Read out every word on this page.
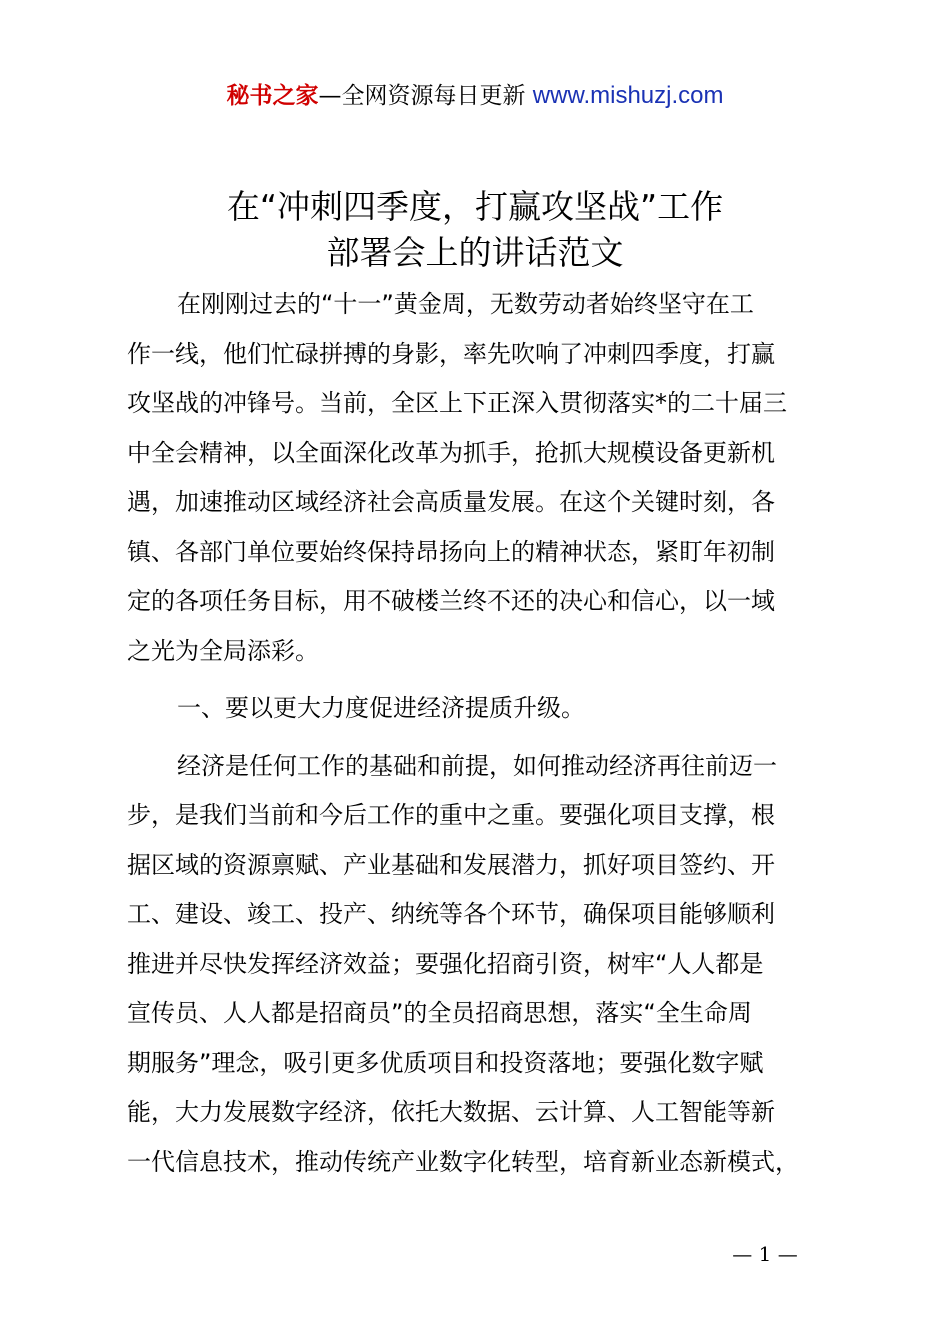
秘书之家—全网资源每日更新 www.mishuzj.com
在“冲刺四季度，打赢攻坚战”工作
部署会上的讲话范文
在刚刚过去的“十一”黄金周，无数劳动者始终坚守在工
作一线，他们忙碌拼搏的身影，率先吹响了冲刺四季度，打赢
攻坚战的冲锋号。当前，全区上下正深入贯彻落实*的二十届三
中全会精神，以全面深化改革为抓手，抢抓大规模设备更新机
遇，加速推动区域经济社会高质量发展。在这个关键时刻，各
镇、各部门单位要始终保持昂扬向上的精神状态，紧盯年初制
定的各项任务目标，用不破楼兰终不还的决心和信心，以一域
之光为全局添彩。
一、要以更大力度促进经济提质升级。
经济是任何工作的基础和前提，如何推动经济再往前迈一
步，是我们当前和今后工作的重中之重。要强化项目支撑，根
据区域的资源禀赋、产业基础和发展潜力，抓好项目签约、开
工、建设、竣工、投产、纳统等各个环节，确保项目能够顺利
推进并尽快发挥经济效益；要强化招商引资，树牢“人人都是
宣传员、人人都是招商员”的全员招商思想，落实“全生命周
期服务”理念，吸引更多优质项目和投资落地；要强化数字赋
能，大力发展数字经济，依托大数据、云计算、人工智能等新
一代信息技术，推动传统产业数字化转型，培育新业态新模式，
— 1 —
